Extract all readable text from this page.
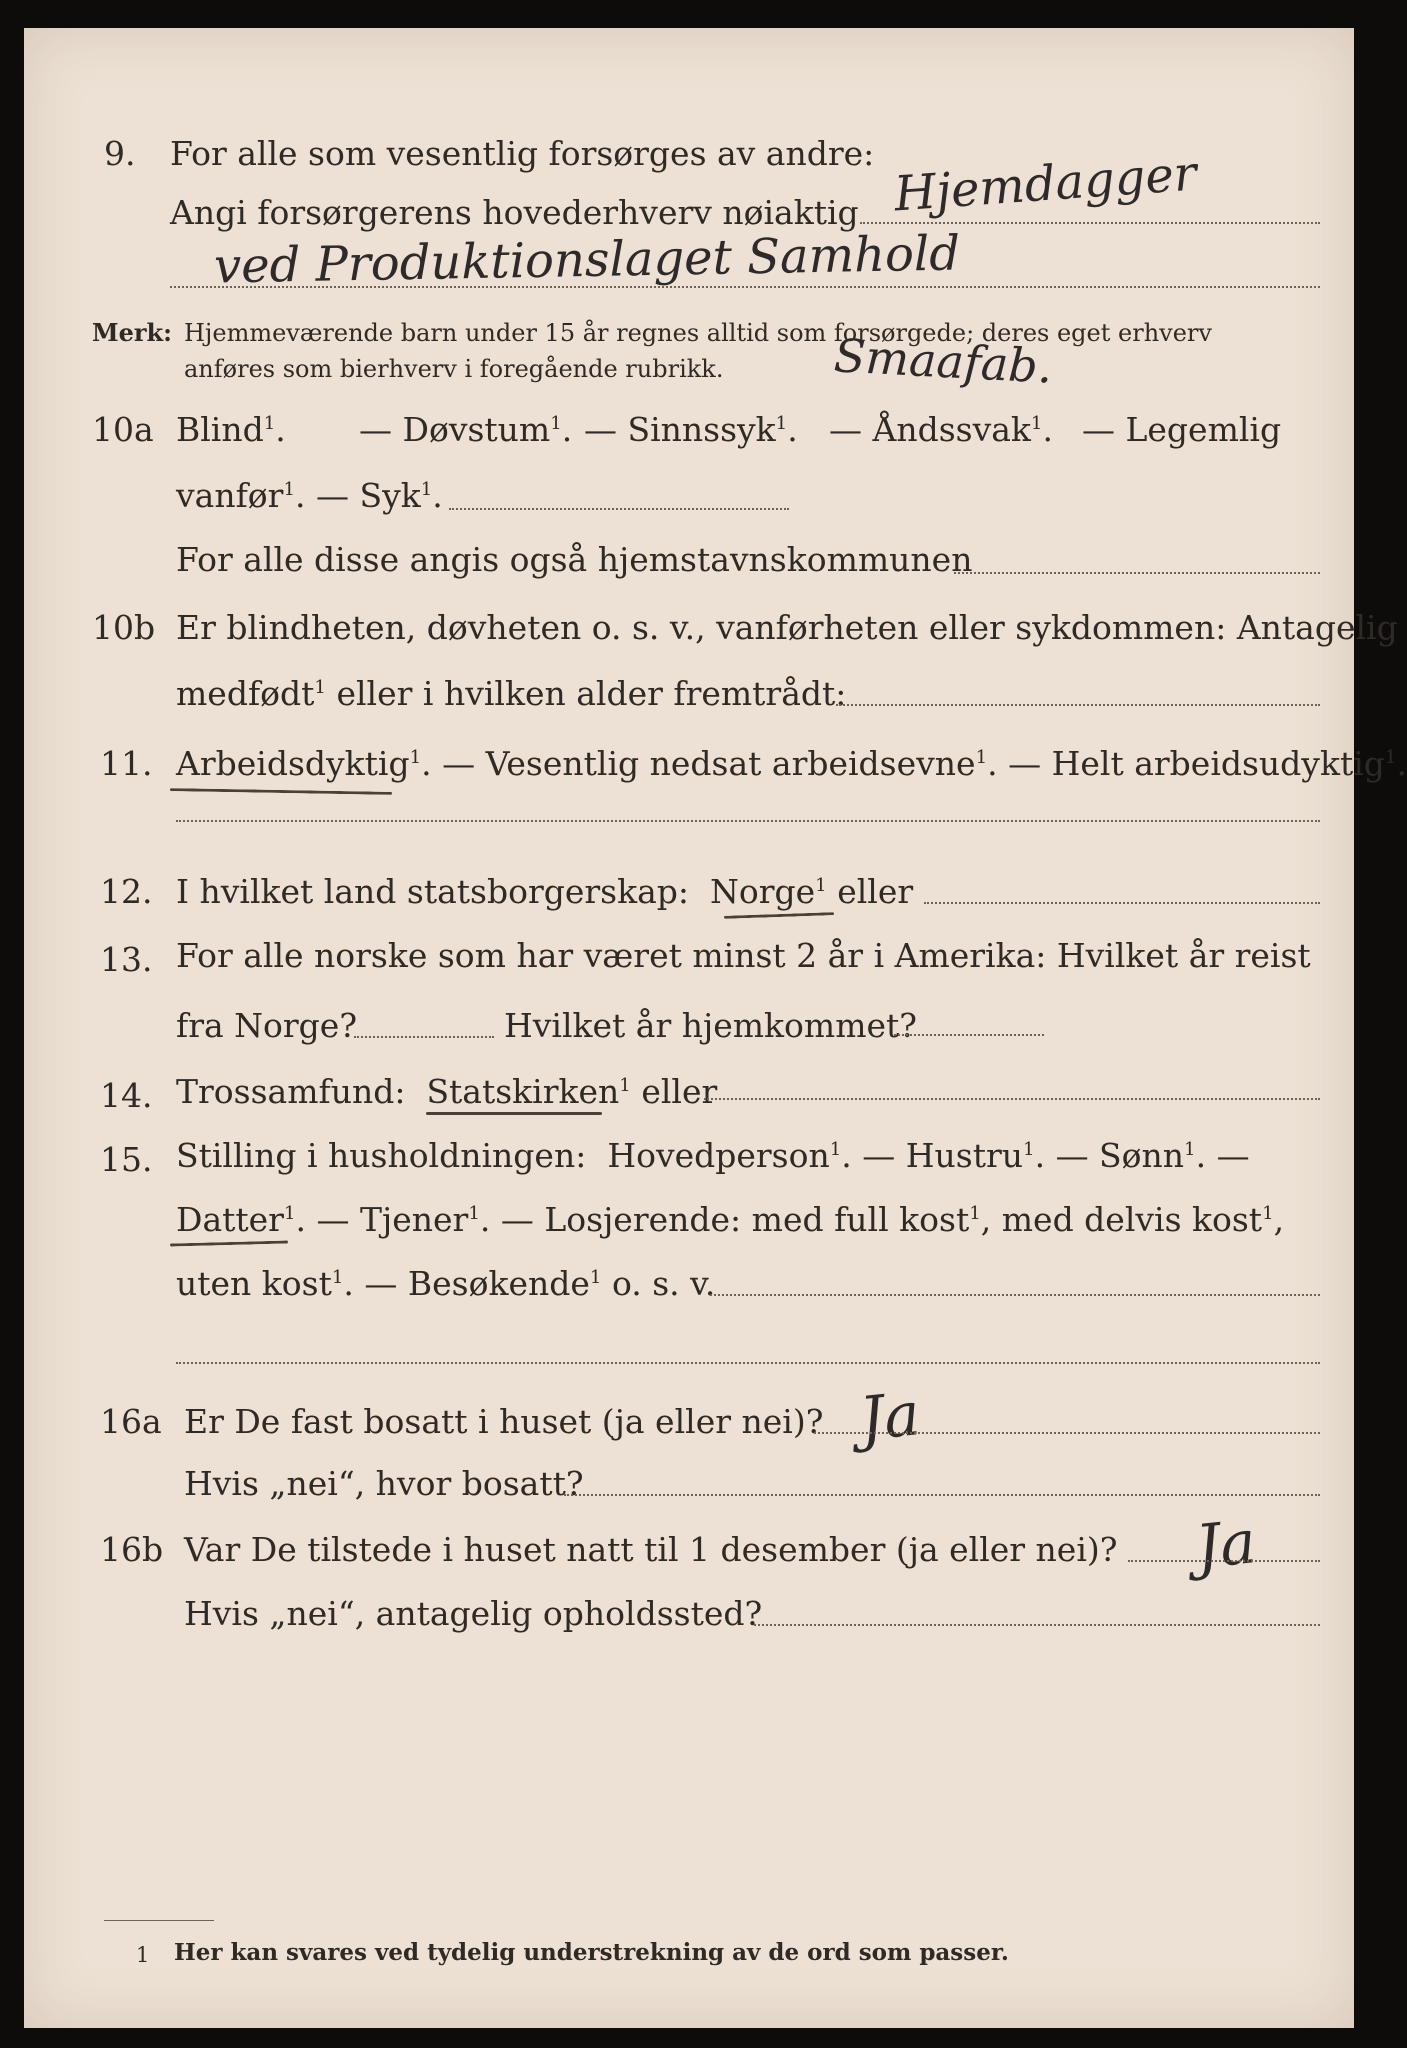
9. For alle som vesentlig forsørges av andre:
Angi forsørgerens hovederhverv nøiaktig Hjemdagger
ved Produktionslaget Samhold
Merk: Hjemmeværende barn under 15 år regnes alltid som forsørgede; deres eget erhverv
anføres som bierhverv i foregående rubrikk. Smaafab.
10a Blind$^1$. — Døvstum$^1$. — Sinnssyk$^1$. — Åndssvak$^1$. — Legemlig
vanfør$^1$. — Syk$^1$.
For alle disse angis også hjemstavnskommunen
10b Er blindheten, døvheten o. s. v., vanførheten eller sykdommen: Antagelig
medfødt$^1$ eller i hvilken alder fremtrådt:
11. Arbeidsdyktig$^1$. — Vesentlig nedsat arbeidsevne$^1$. — Helt arbeidsudyktig$^1$.
12. I hvilket land statsborgerskap: Norge$^1$ eller
13. For alle norske som har været minst 2 år i Amerika: Hvilket år reist
fra Norge?	Hvilket år hjemkommet?
14. Trossamfund: Statskirken$^1$ eller
15. Stilling i husholdningen: Hovedperson$^1$. — Hustru$^1$. — Sønn$^1$. —
Datter$^1$. — Tjener$^1$. — Losjerende: med full kost$^1$, med delvis kost$^1$,
uten kost$^1$. — Besøkende$^1$ o. s. v.
16a Er De fast bosatt i huset (ja eller nei)? Ja
Hvis „nei“, hvor bosatt?
16b Var De tilstede i huset natt til 1 desember (ja eller nei)? Ja
Hvis „nei“, antagelig opholdssted?
1 Her kan svares ved tydelig understrekning av de ord som passer.
